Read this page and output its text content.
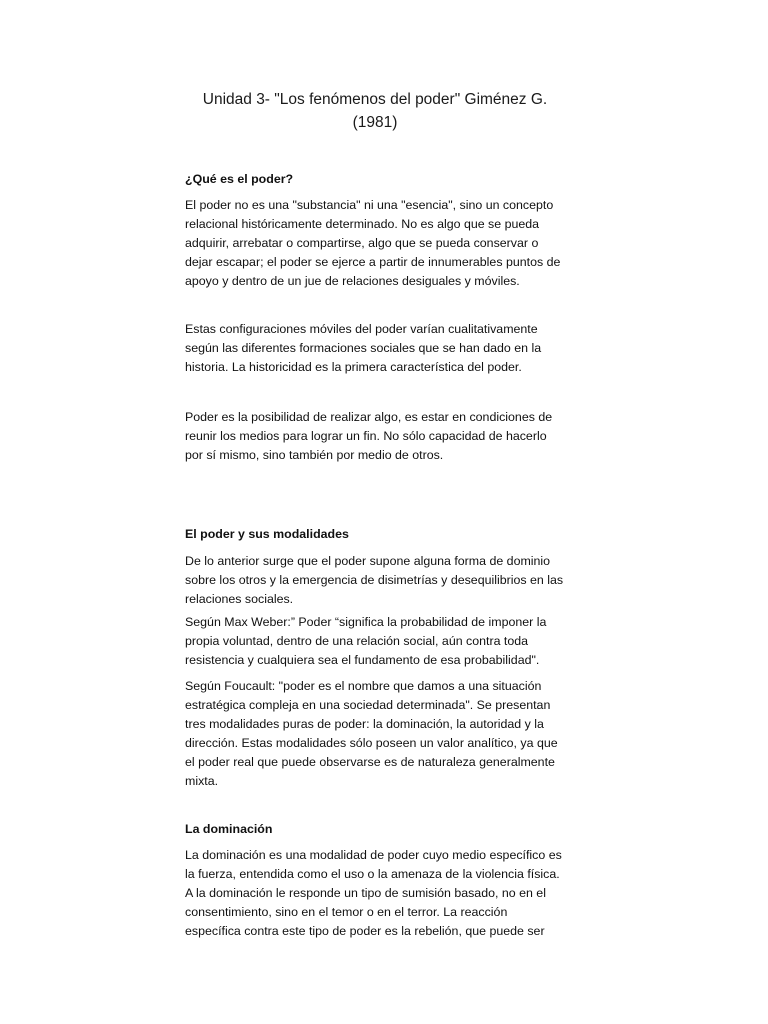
Unidad 3- "Los fenómenos del poder" Giménez G.
(1981)
¿Qué es el poder?
El poder no es una "substancia" ni una "esencia", sino un concepto
relacional históricamente determinado. No es algo que se pueda
adquirir, arrebatar o compartirse, algo que se pueda conservar o
dejar escapar; el poder se ejerce a partir de innumerables puntos de
apoyo y dentro de un jue de relaciones desiguales y móviles.
Estas configuraciones móviles del poder varían cualitativamente
según las diferentes formaciones sociales que se han dado en la
historia. La historicidad es la primera característica del poder.
Poder es la posibilidad de realizar algo, es estar en condiciones de
reunir los medios para lograr un fin. No sólo capacidad de hacerlo
por sí mismo, sino también por medio de otros.
El poder y sus modalidades
De lo anterior surge que el poder supone alguna forma de dominio
sobre los otros y la emergencia de disimetrías y desequilibrios en las
relaciones sociales.
Según Max Weber:” Poder “significa la probabilidad de imponer la
propia voluntad, dentro de una relación social, aún contra toda
resistencia y cualquiera sea el fundamento de esa probabilidad".
Según Foucault: "poder es el nombre que damos a una situación
estratégica compleja en una sociedad determinada". Se presentan
tres modalidades puras de poder: la dominación, la autoridad y la
dirección. Estas modalidades sólo poseen un valor analítico, ya que
el poder real que puede observarse es de naturaleza generalmente
mixta.
La dominación
La dominación es una modalidad de poder cuyo medio específico es
la fuerza, entendida como el uso o la amenaza de la violencia física.
A la dominación le responde un tipo de sumisión basado, no en el
consentimiento, sino en el temor o en el terror. La reacción
específica contra este tipo de poder es la rebelión, que puede ser
